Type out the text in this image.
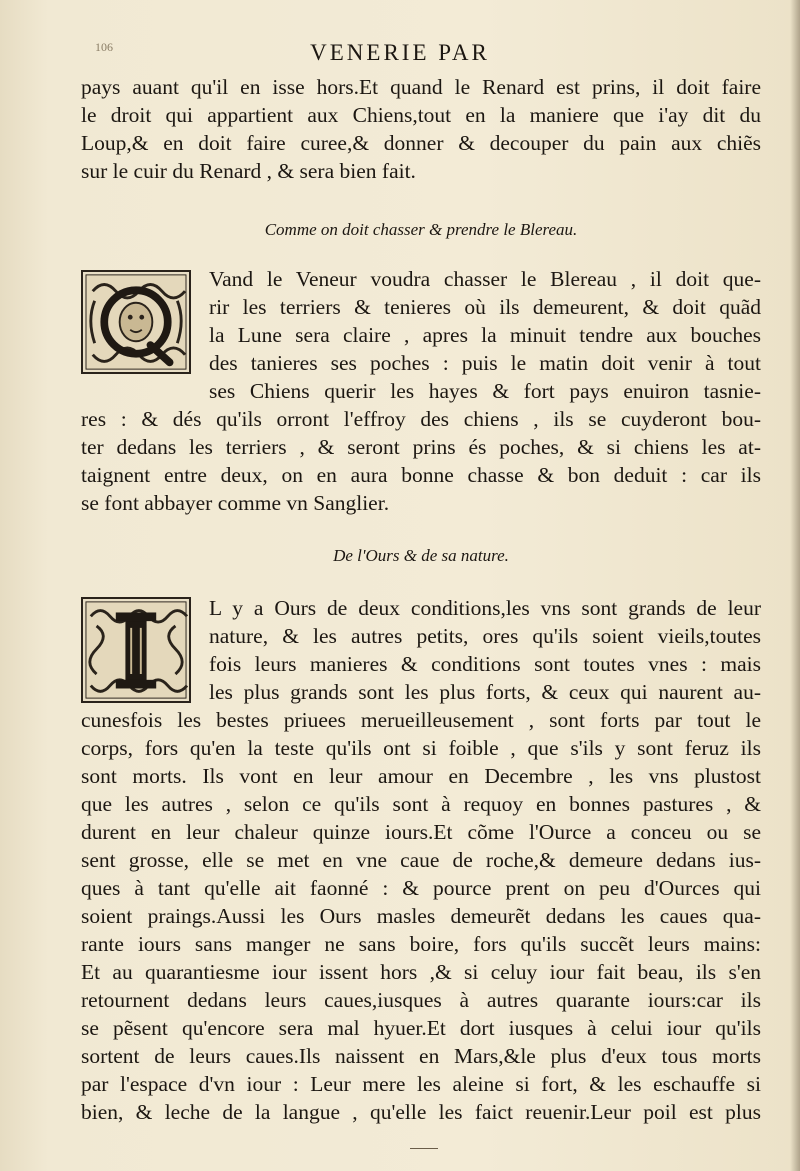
106	VENERIE PAR
pays auant qu'il en isse hors.Et quand le Renard est prins, il doit faire
le droit qui appartient aux Chiens,tout en la maniere que i'ay dit du
Loup,& en doit faire curee,& donner & decouper du pain aux chiẽs
sur le cuir du Renard , & sera bien fait.
Comme on doit chasser & prendre le Blereau.
Vand le Veneur voudra chasser le Blereau , il doit que-
rir les terriers & tenieres où ils demeurent, & doit quãd
la Lune sera claire , apres la minuit tendre aux bouches
des tanieres ses poches : puis le matin doit venir à tout
ses Chiens querir les hayes & fort pays enuiron tasnie-
res : & dés qu'ils orront l'effroy des chiens , ils se cuyderont bou-
ter dedans les terriers , & seront prins és poches, & si chiens les at-
taignent entre deux, on en aura bonne chasse & bon deduit : car ils
se font abbayer comme vn Sanglier.
De l'Ours & de sa nature.
L y a Ours de deux conditions,les vns sont grands de leur
nature, & les autres petits, ores qu'ils soient vieils,toutes
fois leurs manieres & conditions sont toutes vnes : mais
les plus grands sont les plus forts, & ceux qui naurent au-
cunesfois les bestes priuees merueilleusement , sont forts par tout le
corps, fors qu'en la teste qu'ils ont si foible , que s'ils y sont feruz ils
sont morts. Ils vont en leur amour en Decembre , les vns plustost
que les autres , selon ce qu'ils sont à requoy en bonnes pastures , &
durent en leur chaleur quinze iours.Et cõme l'Ource a conceu ou se
sent grosse, elle se met en vne caue de roche,& demeure dedans ius-
ques à tant qu'elle ait faonné : & pource prent on peu d'Ources qui
soient praings.Aussi les Ours masles demeurẽt dedans les caues qua-
rante iours sans manger ne sans boire, fors qu'ils succẽt leurs mains:
Et au quarantiesme iour issent hors ,& si celuy iour fait beau, ils s'en
retournent dedans leurs caues,iusques à autres quarante iours:car ils
se pẽsent qu'encore sera mal hyuer.Et dort iusques à celui iour qu'ils
sortent de leurs caues.Ils naissent en Mars,&le plus d'eux tous morts
par l'espace d'vn iour : Leur mere les aleine si fort, & les eschauffe si
bien, & leche de la langue , qu'elle les faict reuenir.Leur poil est plus
